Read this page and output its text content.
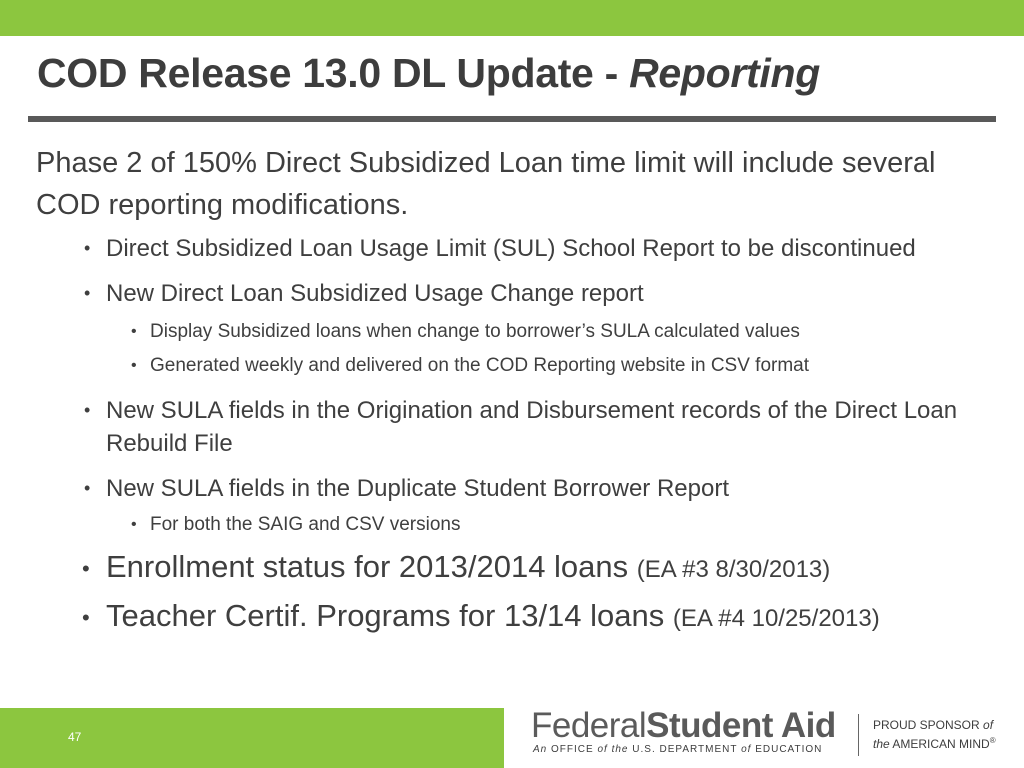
COD Release 13.0 DL Update - Reporting

Phase 2 of 150% Direct Subsidized Loan time limit will include several COD reporting modifications.

• Direct Subsidized Loan Usage Limit (SUL) School Report to be discontinued
• New Direct Loan Subsidized Usage Change report
• Display Subsidized loans when change to borrower’s SULA calculated values
• Generated weekly and delivered on the COD Reporting website in CSV format
• New SULA fields in the Origination and Disbursement records of the Direct Loan Rebuild File
• New SULA fields in the Duplicate Student Borrower Report
• For both the SAIG and CSV versions
• Enrollment status for 2013/2014 loans (EA #3 8/30/2013)
• Teacher Certif. Programs for 13/14 loans (EA #4 10/25/2013)
47	FederalStudent Aid
An OFFICE of the U.S. DEPARTMENT of EDUCATION
PROUD SPONSOR of
the AMERICAN MIND®
